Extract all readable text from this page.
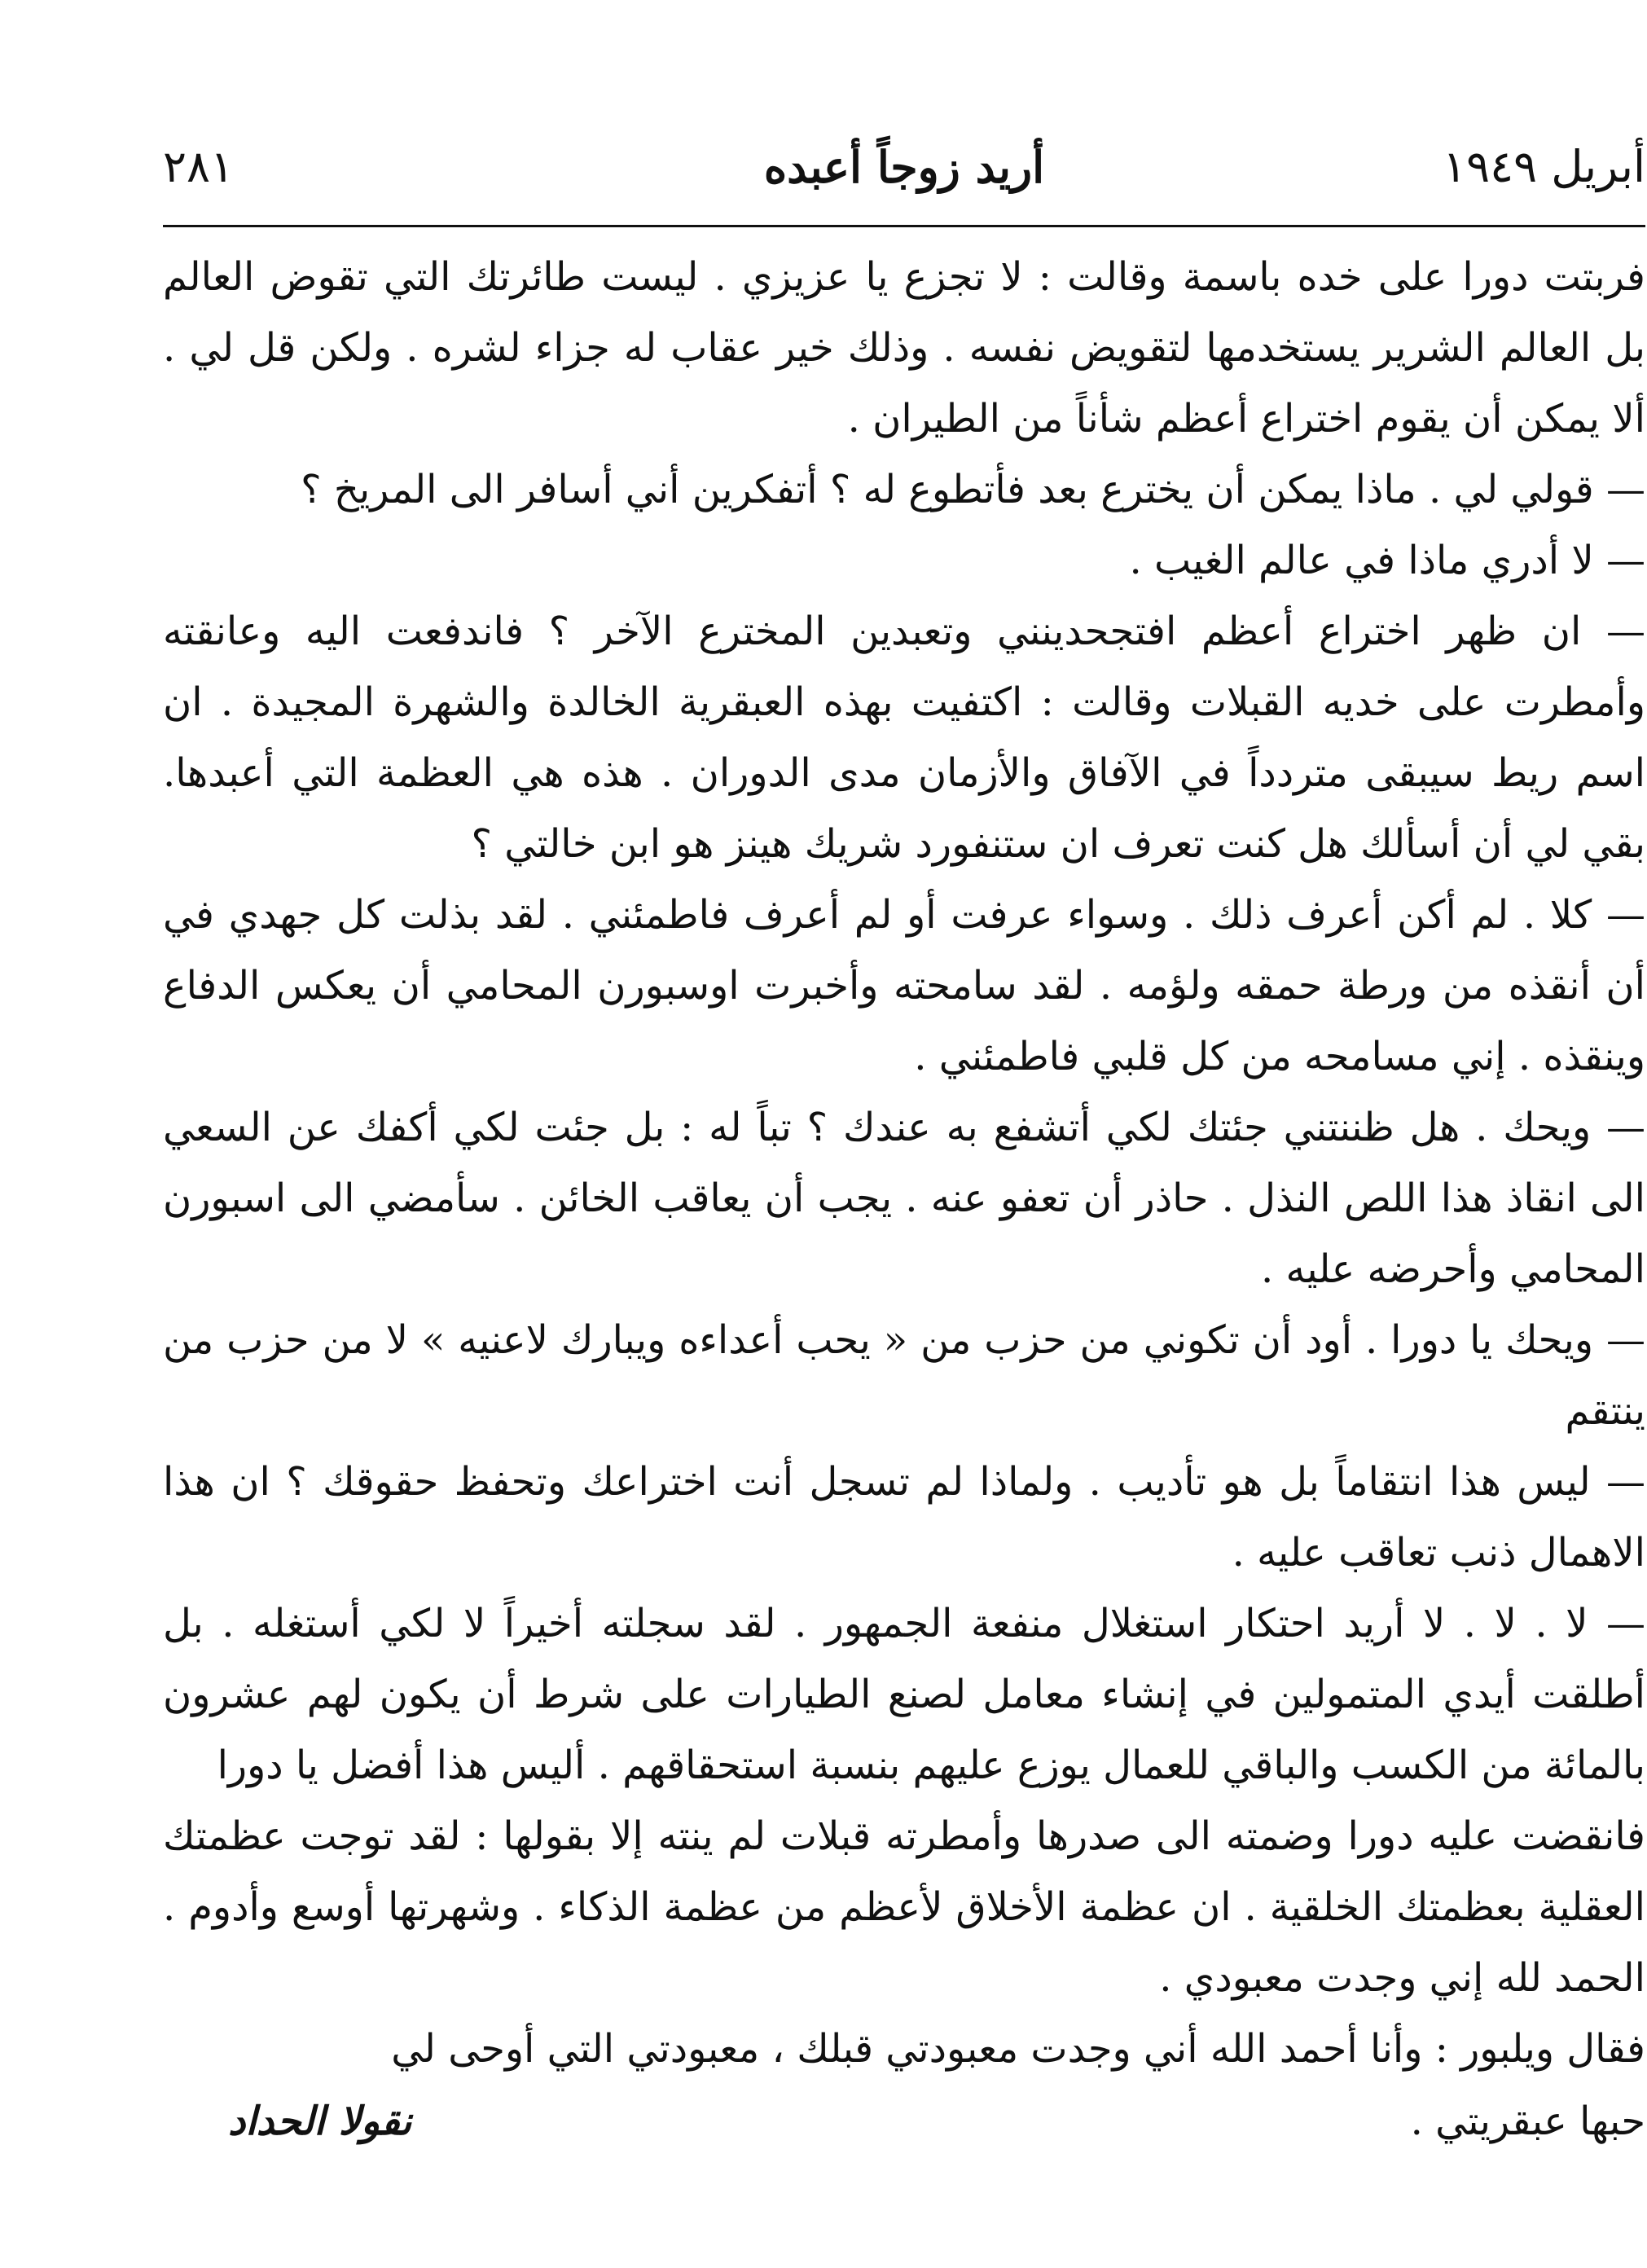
أبريل ١٩٤٩
أريد زوجاً أعبده
٢٨١

فربتت دورا على خده باسمة وقالت : لا تجزع يا عزيزي . ليست طائرتك التي تقوض العالم بل العالم الشرير يستخدمها لتقويض نفسه . وذلك خير عقاب له جزاء لشره . ولكن قل لي . ألا يمكن أن يقوم اختراع أعظم شأناً من الطيران .

— قولي لي . ماذا يمكن أن يخترع بعد فأتطوع له ؟ أتفكرين أني أسافر الى المريخ ؟

— لا أدري ماذا في عالم الغيب .

— ان ظهر اختراع أعظم افتجحدينني وتعبدين المخترع الآخر ؟ فاندفعت اليه وعانقته وأمطرت على خديه القبلات وقالت : اكتفيت بهذه العبقرية الخالدة والشهرة المجيدة . ان اسم ريط سيبقى متردداً في الآفاق والأزمان مدى الدوران . هذه هي العظمة التي أعبدها. بقي لي أن أسألك هل كنت تعرف ان ستنفورد شريك هينز هو ابن خالتي ؟

— كلا . لم أكن أعرف ذلك . وسواء عرفت أو لم أعرف فاطمئني . لقد بذلت كل جهدي في أن أنقذه من ورطة حمقه ولؤمه . لقد سامحته وأخبرت اوسبورن المحامي أن يعكس الدفاع وينقذه . إني مسامحه من كل قلبي فاطمئني .

— ويحك . هل ظننتني جئتك لكي أتشفع به عندك ؟ تباً له : بل جئت لكي أكفك عن السعي الى انقاذ هذا اللص النذل . حاذر أن تعفو عنه . يجب أن يعاقب الخائن . سأمضي الى اسبورن المحامي وأحرضه عليه .

— ويحك يا دورا . أود أن تكوني من حزب من « يحب أعداءه ويبارك لاعنيه » لا من حزب من ينتقم

— ليس هذا انتقاماً بل هو تأديب . ولماذا لم تسجل أنت اختراعك وتحفظ حقوقك ؟ ان هذا الاهمال ذنب تعاقب عليه .

— لا . لا . لا أريد احتكار استغلال منفعة الجمهور . لقد سجلته أخيراً لا لكي أستغله . بل أطلقت أيدي المتمولين في إنشاء معامل لصنع الطيارات على شرط أن يكون لهم عشرون بالمائة من الكسب والباقي للعمال يوزع عليهم بنسبة استحقاقهم . أليس هذا أفضل يا دورا

فانقضت عليه دورا وضمته الى صدرها وأمطرته قبلات لم ينته إلا بقولها : لقد توجت عظمتك العقلية بعظمتك الخلقية . ان عظمة الأخلاق لأعظم من عظمة الذكاء . وشهرتها أوسع وأدوم . الحمد لله إني وجدت معبودي .

فقال ويلبور : وأنا أحمد الله أني وجدت معبودتي قبلك ، معبودتي التي أوحى لي

حبها عبقريتي .
نقولا الحداد
